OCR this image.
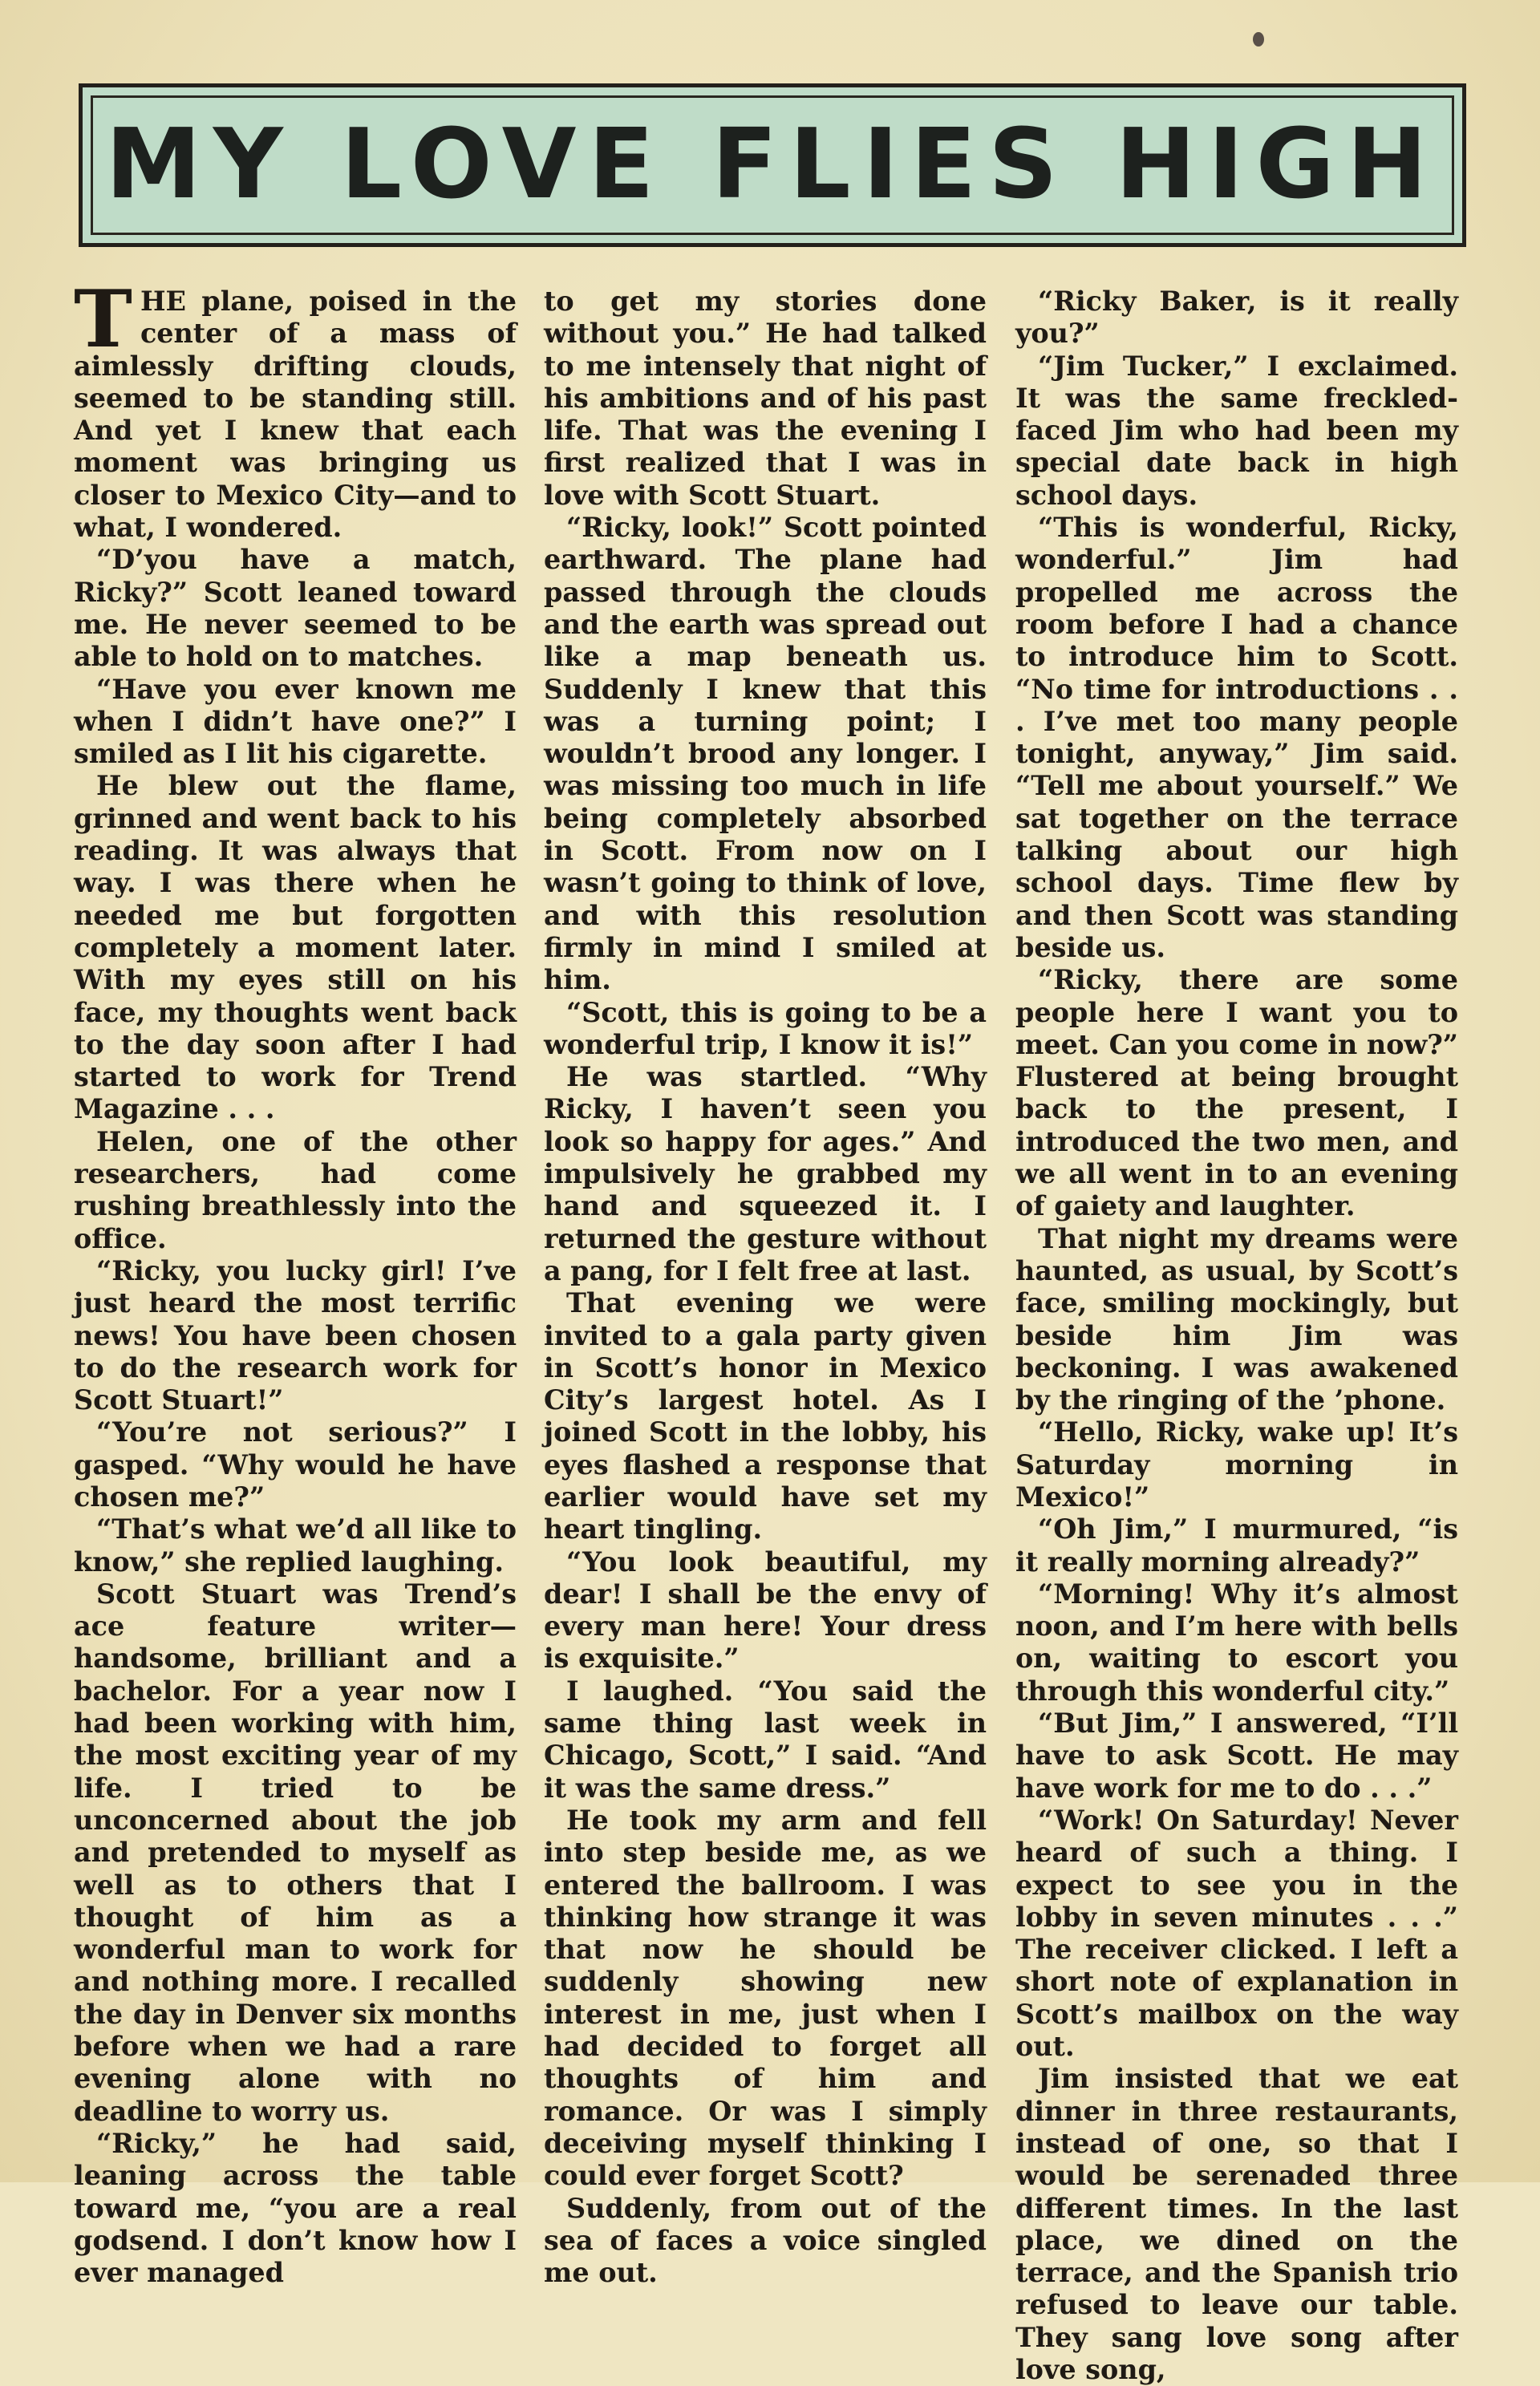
MY LOVE FLIES HIGH

THE plane, poised in the center of a mass of aimlessly drifting clouds, seemed to be standing still. And yet I knew that each moment was bringing us closer to Mexico City—and to what, I wondered.

“D’you have a match, Ricky?” Scott leaned toward me. He never seemed to be able to hold on to matches.

“Have you ever known me when I didn’t have one?” I smiled as I lit his cigarette.

He blew out the flame, grinned and went back to his reading. It was always that way. I was there when he needed me but forgotten completely a moment later. With my eyes still on his face, my thoughts went back to the day soon after I had started to work for Trend Magazine . . .

Helen, one of the other researchers, had come rushing breathlessly into the office.

“Ricky, you lucky girl! I’ve just heard the most terrific news! You have been chosen to do the research work for Scott Stuart!”

“You’re not serious?” I gasped. “Why would he have chosen me?”

“That’s what we’d all like to know,” she replied laughing.

Scott Stuart was Trend’s ace feature writer—handsome, brilliant and a bachelor. For a year now I had been working with him, the most exciting year of my life. I tried to be unconcerned about the job and pretended to myself as well as to others that I thought of him as a wonderful man to work for and nothing more. I recalled the day in Denver six months before when we had a rare evening alone with no deadline to worry us.

“Ricky,” he had said, leaning across the table toward me, “you are a real godsend. I don’t know how I ever managed

to get my stories done without you.” He had talked to me intensely that night of his ambitions and of his past life. That was the evening I first realized that I was in love with Scott Stuart.

“Ricky, look!” Scott pointed earthward. The plane had passed through the clouds and the earth was spread out like a map beneath us. Suddenly I knew that this was a turning point; I wouldn’t brood any longer. I was missing too much in life being completely absorbed in Scott. From now on I wasn’t going to think of love, and with this resolution firmly in mind I smiled at him.

“Scott, this is going to be a wonderful trip, I know it is!”

He was startled. “Why Ricky, I haven’t seen you look so happy for ages.” And impulsively he grabbed my hand and squeezed it. I returned the gesture without a pang, for I felt free at last.

That evening we were invited to a gala party given in Scott’s honor in Mexico City’s largest hotel. As I joined Scott in the lobby, his eyes flashed a response that earlier would have set my heart tingling.

“You look beautiful, my dear! I shall be the envy of every man here! Your dress is exquisite.”

I laughed. “You said the same thing last week in Chicago, Scott,” I said. “And it was the same dress.”

He took my arm and fell into step beside me, as we entered the ballroom. I was thinking how strange it was that now he should be suddenly showing new interest in me, just when I had decided to forget all thoughts of him and romance. Or was I simply deceiving myself thinking I could ever forget Scott?

Suddenly, from out of the sea of faces a voice singled me out.

“Ricky Baker, is it really you?”

“Jim Tucker,” I exclaimed. It was the same freckled-faced Jim who had been my special date back in high school days.

“This is wonderful, Ricky, wonderful.” Jim had propelled me across the room before I had a chance to introduce him to Scott. “No time for introductions . . . I’ve met too many people tonight, anyway,” Jim said. “Tell me about yourself.” We sat together on the terrace talking about our high school days. Time flew by and then Scott was standing beside us.

“Ricky, there are some people here I want you to meet. Can you come in now?” Flustered at being brought back to the present, I introduced the two men, and we all went in to an evening of gaiety and laughter.

That night my dreams were haunted, as usual, by Scott’s face, smiling mockingly, but beside him Jim was beckoning. I was awakened by the ringing of the ’phone.

“Hello, Ricky, wake up! It’s Saturday morning in Mexico!”

“Oh Jim,” I murmured, “is it really morning already?”

“Morning! Why it’s almost noon, and I’m here with bells on, waiting to escort you through this wonderful city.”

“But Jim,” I answered, “I’ll have to ask Scott. He may have work for me to do . . .”

“Work! On Saturday! Never heard of such a thing. I expect to see you in the lobby in seven minutes . . .” The receiver clicked. I left a short note of explanation in Scott’s mailbox on the way out.

Jim insisted that we eat dinner in three restaurants, instead of one, so that I would be serenaded three different times. In the last place, we dined on the terrace, and the Spanish trio refused to leave our table. They sang love song after love song,
